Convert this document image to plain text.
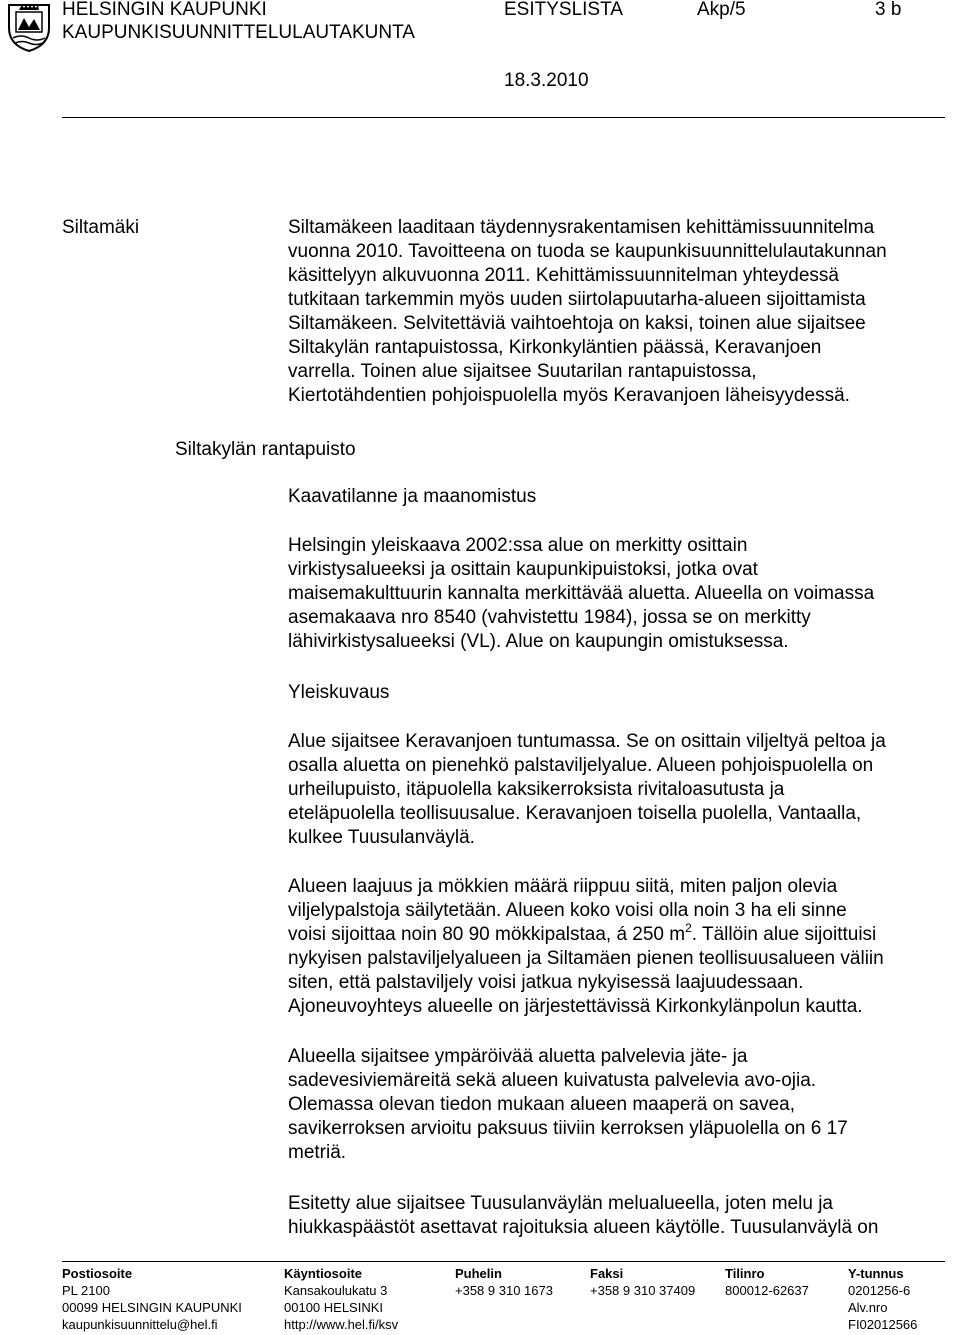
HELSINGIN KAUPUNKI
KAUPUNKISUUNNITTELULAUTAKUNTA
ESITYSLISTA	Akp/5	3 b
18.3.2010
Siltamäki
Siltakylän rantapuisto
Siltamäkeen laaditaan täydennysrakentamisen kehittämissuunnitelma
vuonna 2010. Tavoitteena on tuoda se kaupunkisuunnittelulautakunnan
käsittelyyn alkuvuonna 2011. Kehittämissuunnitelman yhteydessä
tutkitaan tarkemmin myös uuden siirtolapuutarha-alueen sijoittamista
Siltamäkeen. Selvitettäviä vaihtoehtoja on kaksi, toinen alue sijaitsee
Siltakylän rantapuistossa, Kirkonkyläntien päässä, Keravanjoen
varrella. Toinen alue sijaitsee Suutarilan rantapuistossa,
Kiertotähdentien pohjoispuolella myös Keravanjoen läheisyydessä.
Kaavatilanne ja maanomistus
Helsingin yleiskaava 2002:ssa alue on merkitty osittain
virkistysalueeksi ja osittain kaupunkipuistoksi, jotka ovat
maisemakulttuurin kannalta merkittävää aluetta. Alueella on voimassa
asemakaava nro 8540 (vahvistettu 1984), jossa se on merkitty
lähivirkistysalueeksi (VL). Alue on kaupungin omistuksessa.
Yleiskuvaus
Alue sijaitsee Keravanjoen tuntumassa. Se on osittain viljeltyä peltoa ja
osalla aluetta on pienehkö palstaviljelyalue. Alueen pohjoispuolella on
urheilupuisto, itäpuolella kaksikerroksista rivitaloasutusta ja
eteläpuolella teollisuusalue. Keravanjoen toisella puolella, Vantaalla,
kulkee Tuusulanväylä.
Alueen laajuus ja mökkien määrä riippuu siitä, miten paljon olevia
viljelypalstoja säilytetään. Alueen koko voisi olla noin 3 ha eli sinne
voisi sijoittaa noin 80 90 mökkipalstaa, á 250 $m^2$. Tällöin alue sijoittuisi
nykyisen palstaviljelyalueen ja Siltamäen pienen teollisuusalueen väliin
siten, että palstaviljely voisi jatkua nykyisessä laajuudessaan.
Ajoneuvoyhteys alueelle on järjestettävissä Kirkonkylänpolun kautta.
Alueella sijaitsee ympäröivää aluetta palvelevia jäte- ja
sadevesiviemäreitä sekä alueen kuivatusta palvelevia avo-ojia.
Olemassa olevan tiedon mukaan alueen maaperä on savea,
savikerroksen arvioitu paksuus tiiviin kerroksen yläpuolella on 6 17
metriä.
Esitetty alue sijaitsee Tuusulanväylän melualueella, joten melu ja
hiukkaspäästöt asettavat rajoituksia alueen käytölle. Tuusulanväylä on
Postiosoite
PL 2100
00099 HELSINGIN KAUPUNKI
kaupunkisuunnittelu@hel.fi
Käyntiosoite
Kansakoulukatu 3
00100 HELSINKI
http://www.hel.fi/ksv
Puhelin
+358 9 310 1673
Faksi
+358 9 310 37409
Tilinro
800012-62637
Y-tunnus
0201256-6
Alv.nro
FI02012566
